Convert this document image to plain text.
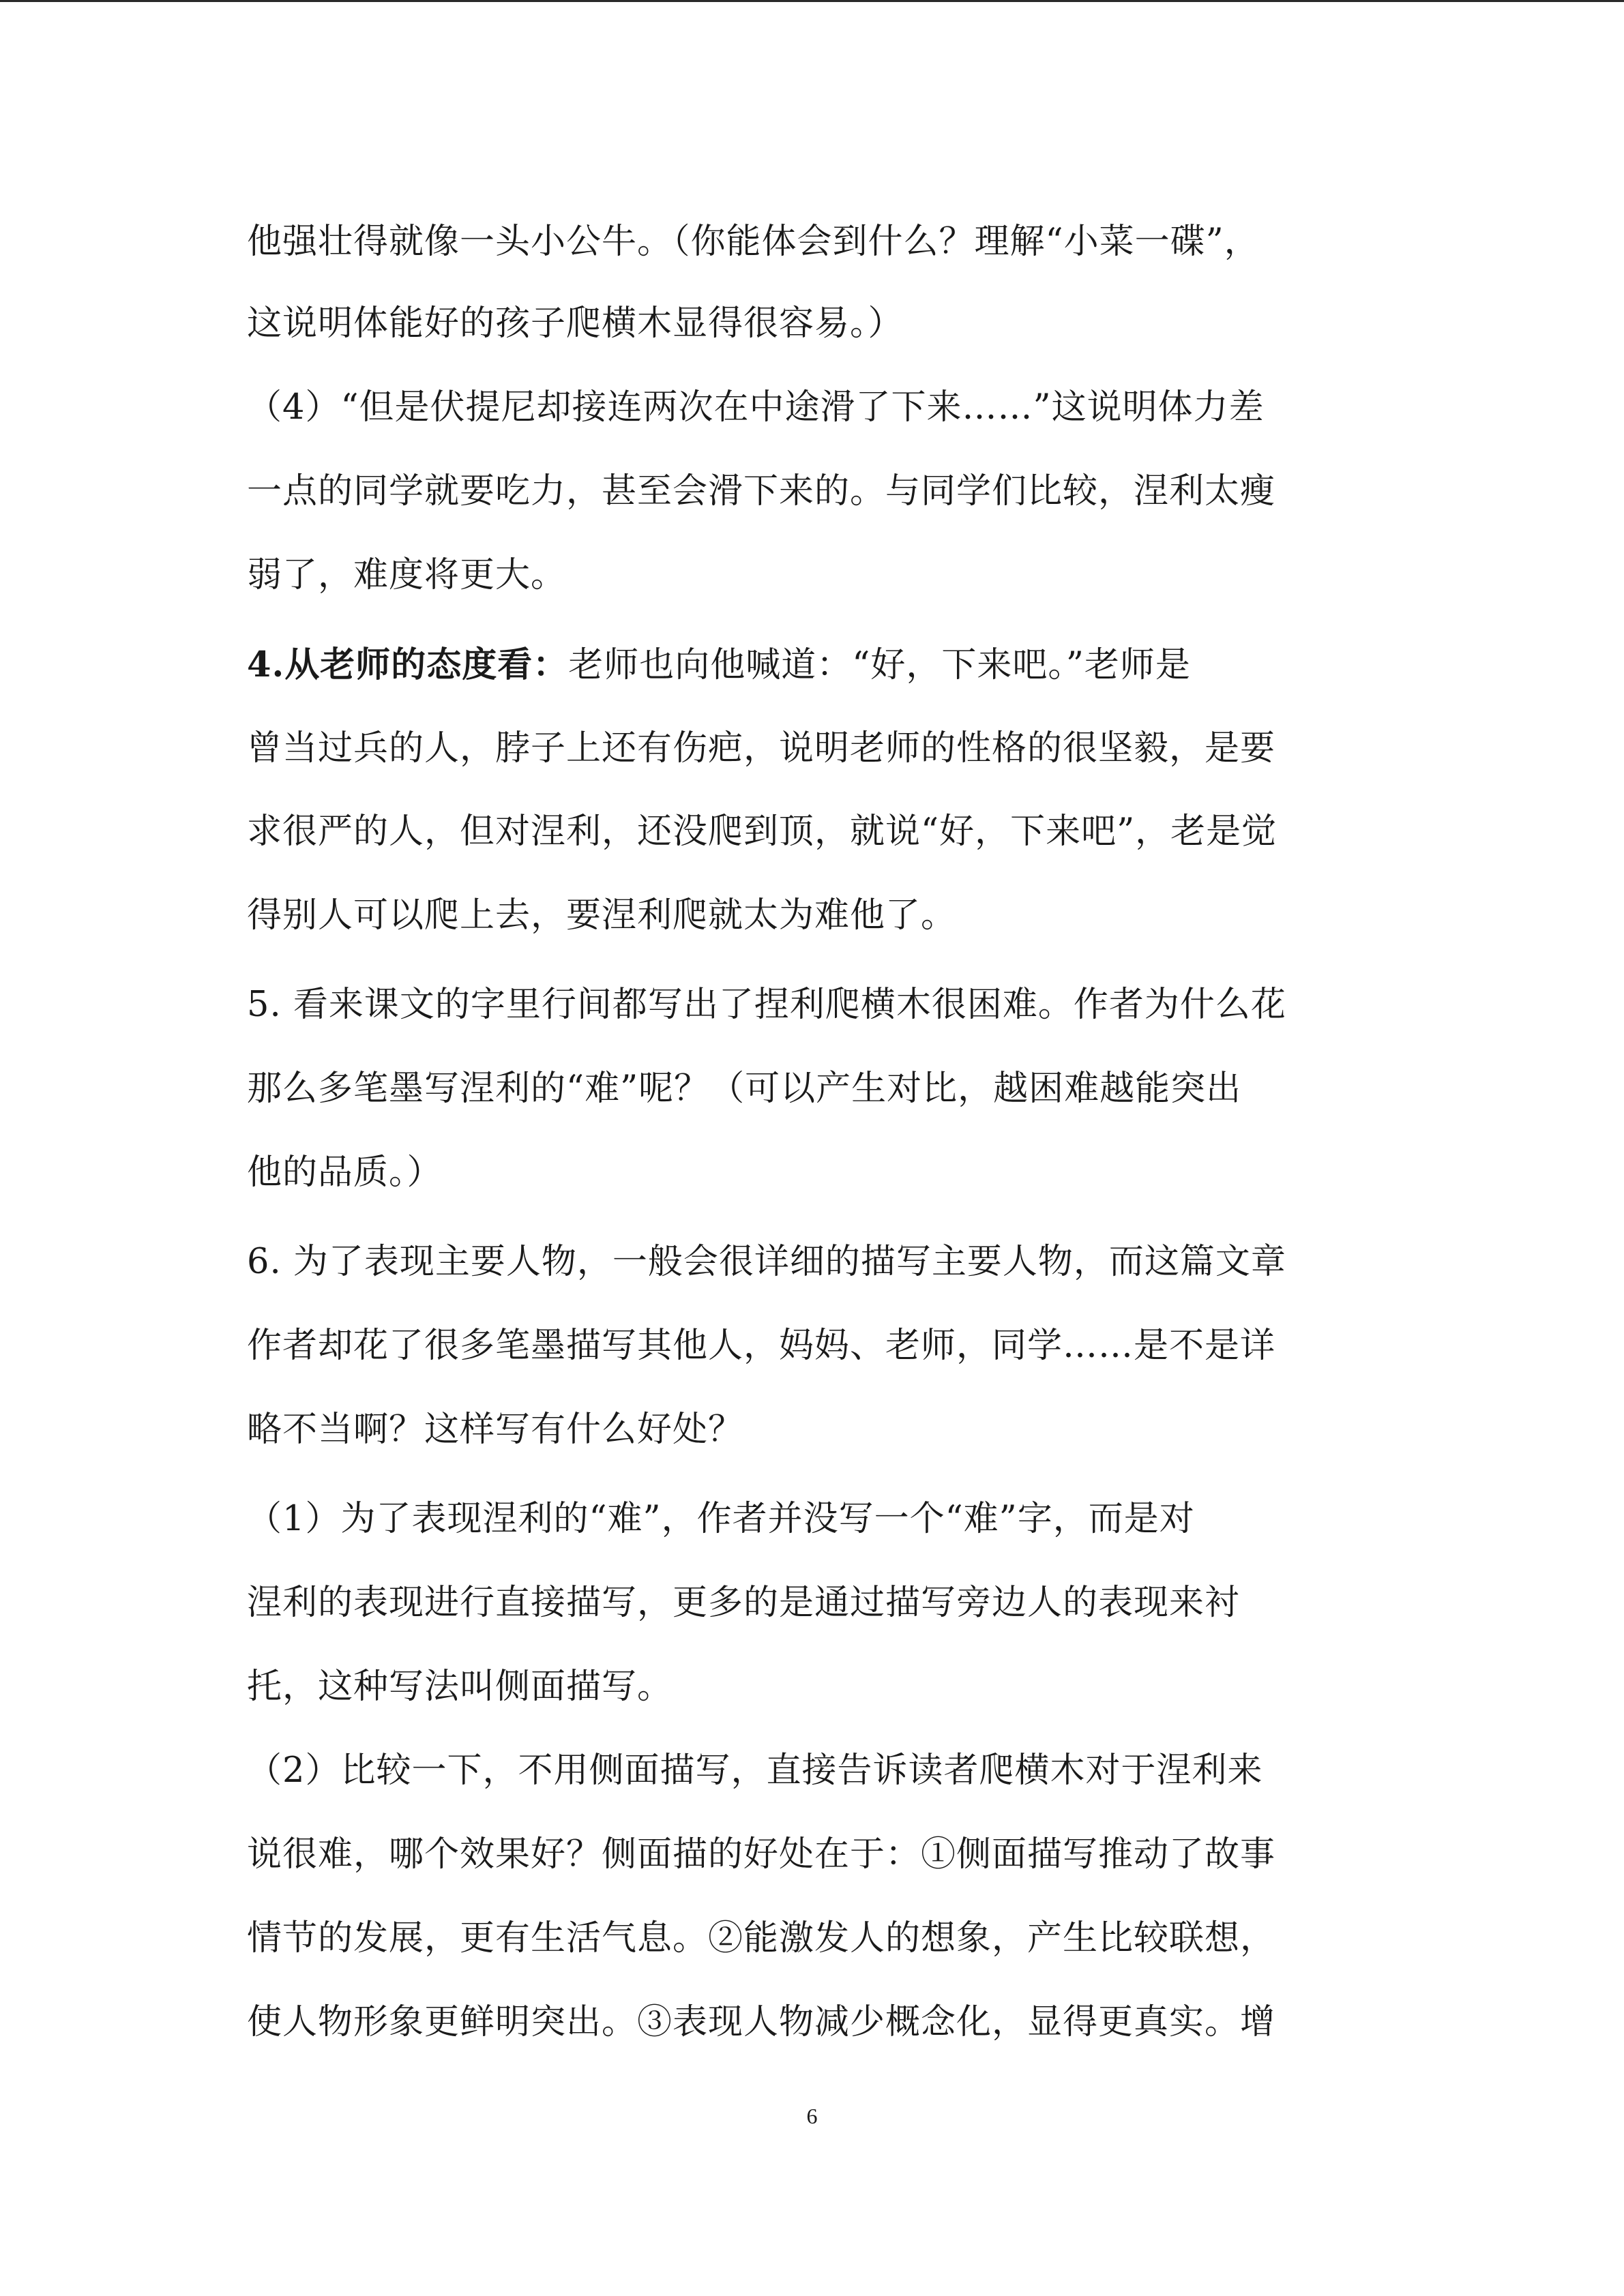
他强壮得就像一头小公牛。（你能体会到什么？理解“小菜一碟”，
这说明体能好的孩子爬横木显得很容易。）
（4）“但是伏提尼却接连两次在中途滑了下来……”这说明体力差
一点的同学就要吃力，甚至会滑下来的。与同学们比较，涅利太瘦
弱了，难度将更大。
4.从老师的态度看：老师也向他喊道：“好，下来吧。”老师是
曾当过兵的人，脖子上还有伤疤，说明老师的性格的很坚毅，是要
求很严的人，但对涅利，还没爬到顶，就说“好，下来吧”，老是觉
得别人可以爬上去，要涅利爬就太为难他了。
5. 看来课文的字里行间都写出了捏利爬横木很困难。作者为什么花
那么多笔墨写涅利的“难”呢？（可以产生对比，越困难越能突出
他的品质。）
6. 为了表现主要人物，一般会很详细的描写主要人物，而这篇文章
作者却花了很多笔墨描写其他人，妈妈、老师，同学……是不是详
略不当啊？这样写有什么好处？
（1）为了表现涅利的“难”，作者并没写一个“难”字，而是对
涅利的表现进行直接描写，更多的是通过描写旁边人的表现来衬
托，这种写法叫侧面描写。
（2）比较一下，不用侧面描写，直接告诉读者爬横木对于涅利来
说很难，哪个效果好？侧面描的好处在于：①侧面描写推动了故事
情节的发展，更有生活气息。②能激发人的想象，产生比较联想，
使人物形象更鲜明突出。③表现人物减少概念化，显得更真实。增
6
